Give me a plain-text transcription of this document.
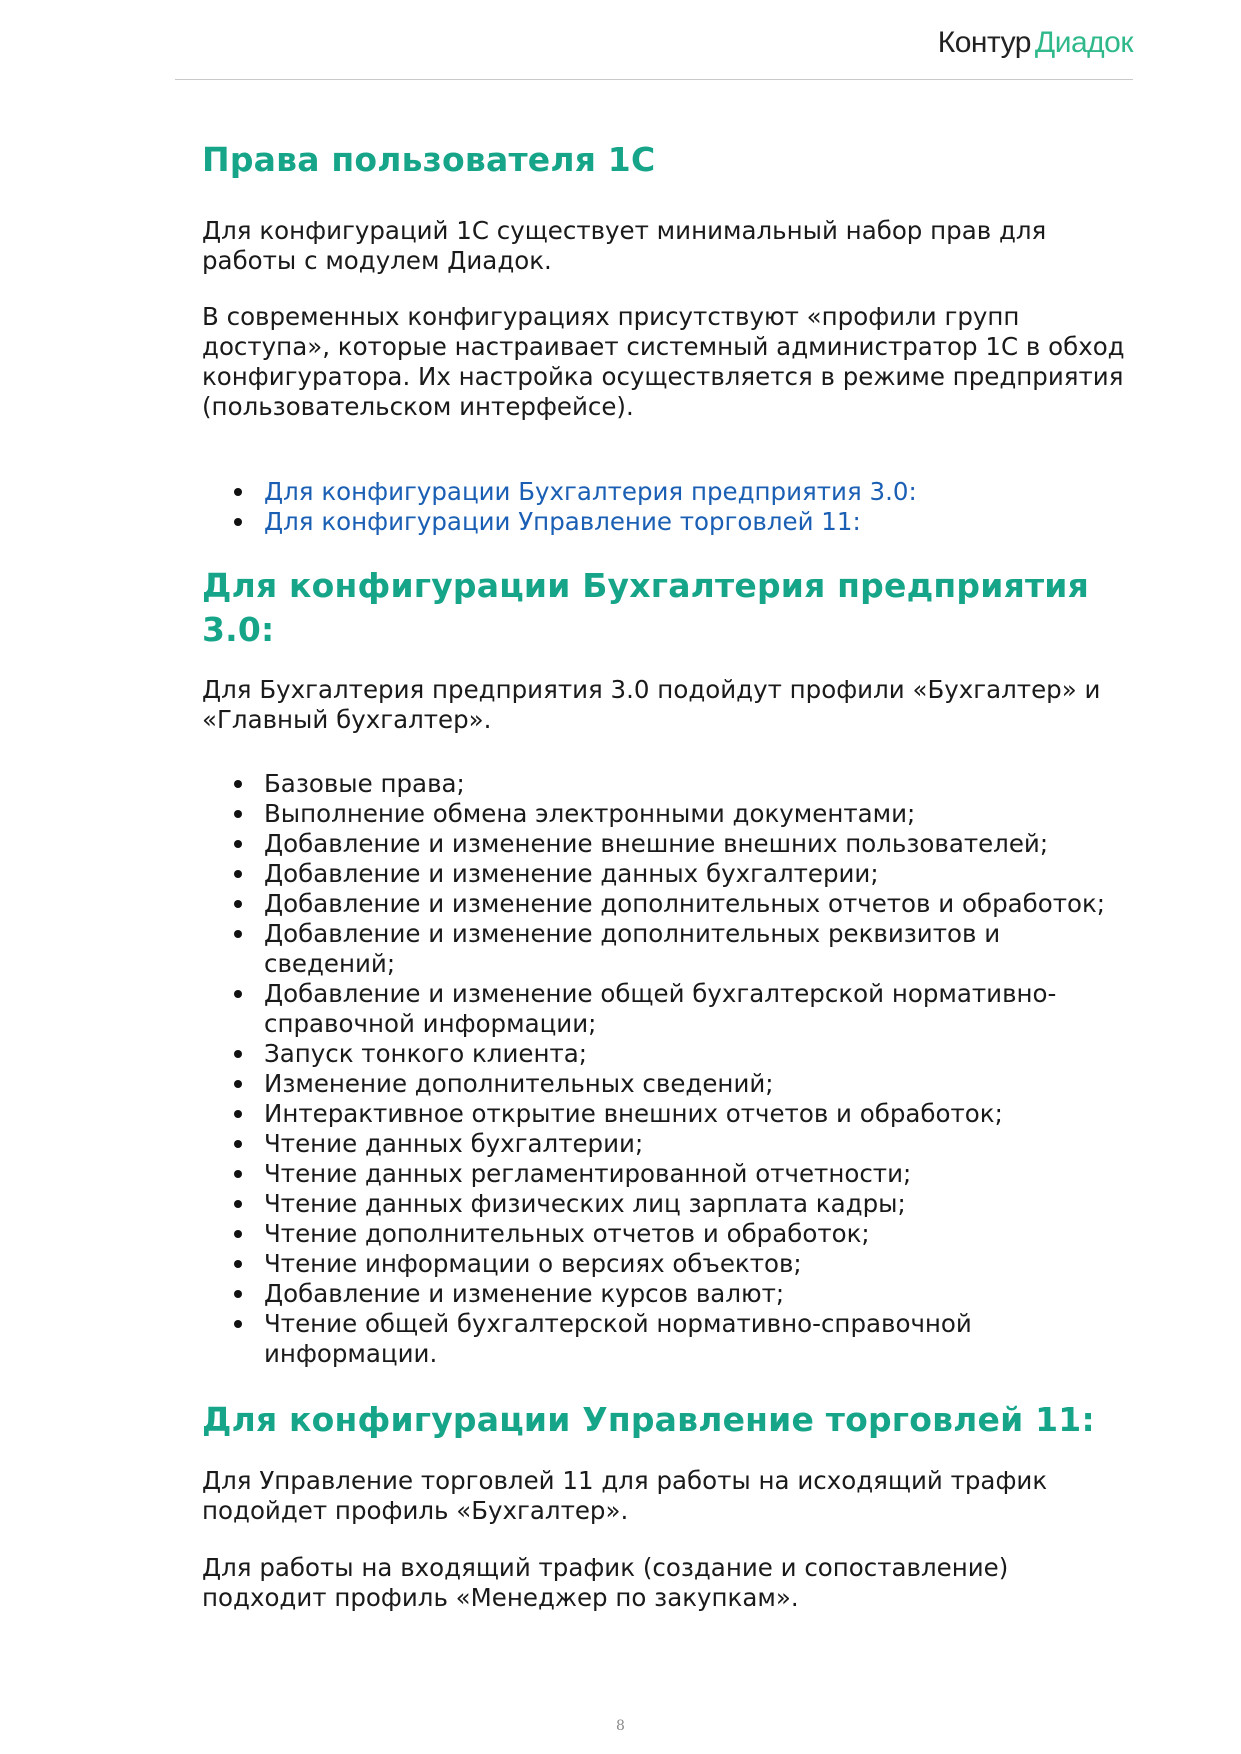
Контур Диадок
Права пользователя 1С

Для конфигураций 1С существует минимальный набор прав для работы с модулем Диадок.

В современных конфигурациях присутствуют «профили групп доступа», которые настраивает системный администратор 1С в обход конфигуратора. Их настройка осуществляется в режиме предприятия (пользовательском интерфейсе).

Для конфигурации Бухгалтерия предприятия 3.0:
Для конфигурации Управление торговлей 11:
Для конфигурации Бухгалтерия предприятия 3.0:

Для Бухгалтерия предприятия 3.0 подойдут профили «Бухгалтер» и «Главный бухгалтер».

Базовые права;
Выполнение обмена электронными документами;
Добавление и изменение внешние внешних пользователей;
Добавление и изменение данных бухгалтерии;
Добавление и изменение дополнительных отчетов и обработок;
Добавление и изменение дополнительных реквизитов и сведений;
Добавление и изменение общей бухгалтерской нормативно-справочной информации;
Запуск тонкого клиента;
Изменение дополнительных сведений;
Интерактивное открытие внешних отчетов и обработок;
Чтение данных бухгалтерии;
Чтение данных регламентированной отчетности;
Чтение данных физических лиц зарплата кадры;
Чтение дополнительных отчетов и обработок;
Чтение информации о версиях объектов;
Добавление и изменение курсов валют;
Чтение общей бухгалтерской нормативно-справочной информации.
Для конфигурации Управление торговлей 11:

Для Управление торговлей 11 для работы на исходящий трафик подойдет профиль «Бухгалтер».

Для работы на входящий трафик (создание и сопоставление) подходит профиль «Менеджер по закупкам».

8
